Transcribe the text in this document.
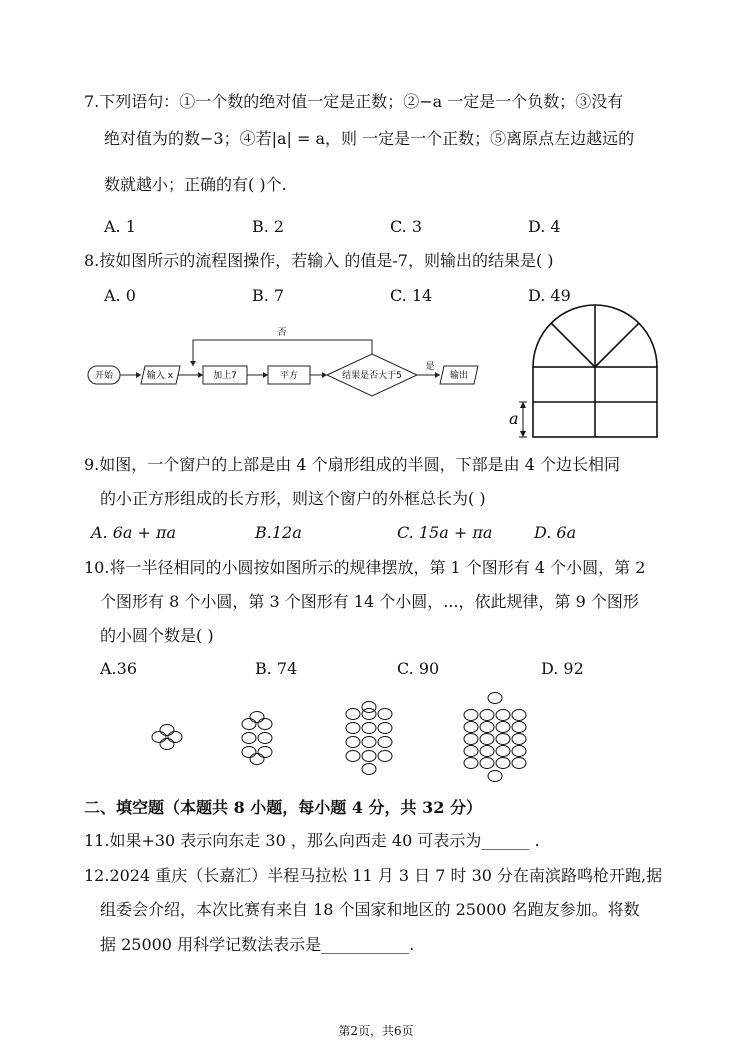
7.下列语句：①一个数的绝对值一定是正数；②−a 一定是一个负数；③没有
绝对值为的数−3；④若|a| = a，则 一定是一个正数；⑤离原点左边越远的
数就越小；正确的有( )个.
A. 1	B. 2	C. 3	D. 4
8.按如图所示的流程图操作，若输入 的值是-7，则输出的结果是( )
A. 0	B. 7	C. 14	D. 49
开始	输入 x	加上7	平方	结果是否大于5	输出
否
是
a
9.如图，一个窗户的上部是由 4 个扇形组成的半圆，下部是由 4 个边长相同
的小正方形组成的长方形，则这个窗户的外框总长为( )
A. 6a + πa	B.12a	C. 15a + πa	D. 6a
10.将一半径相同的小圆按如图所示的规律摆放，第 1 个图形有 4 个小圆，第 2
个图形有 8 个小圆，第 3 个图形有 14 个小圆，...，依此规律，第 9 个图形
的小圆个数是( )
A.36	B. 74	C. 90	D. 92
二、填空题（本题共 8 小题，每小题 4 分，共 32 分）
11.如果+30 表示向东走 30 ，那么向西走 40 可表示为______ .
12.2024 重庆（长嘉汇）半程马拉松 11 月 3 日 7 时 30 分在南滨路鸣枪开跑,据
组委会介绍，本次比赛有来自 18 个国家和地区的 25000 名跑友参加。将数
据 25000 用科学记数法表示是___________.
第2页，共6页
